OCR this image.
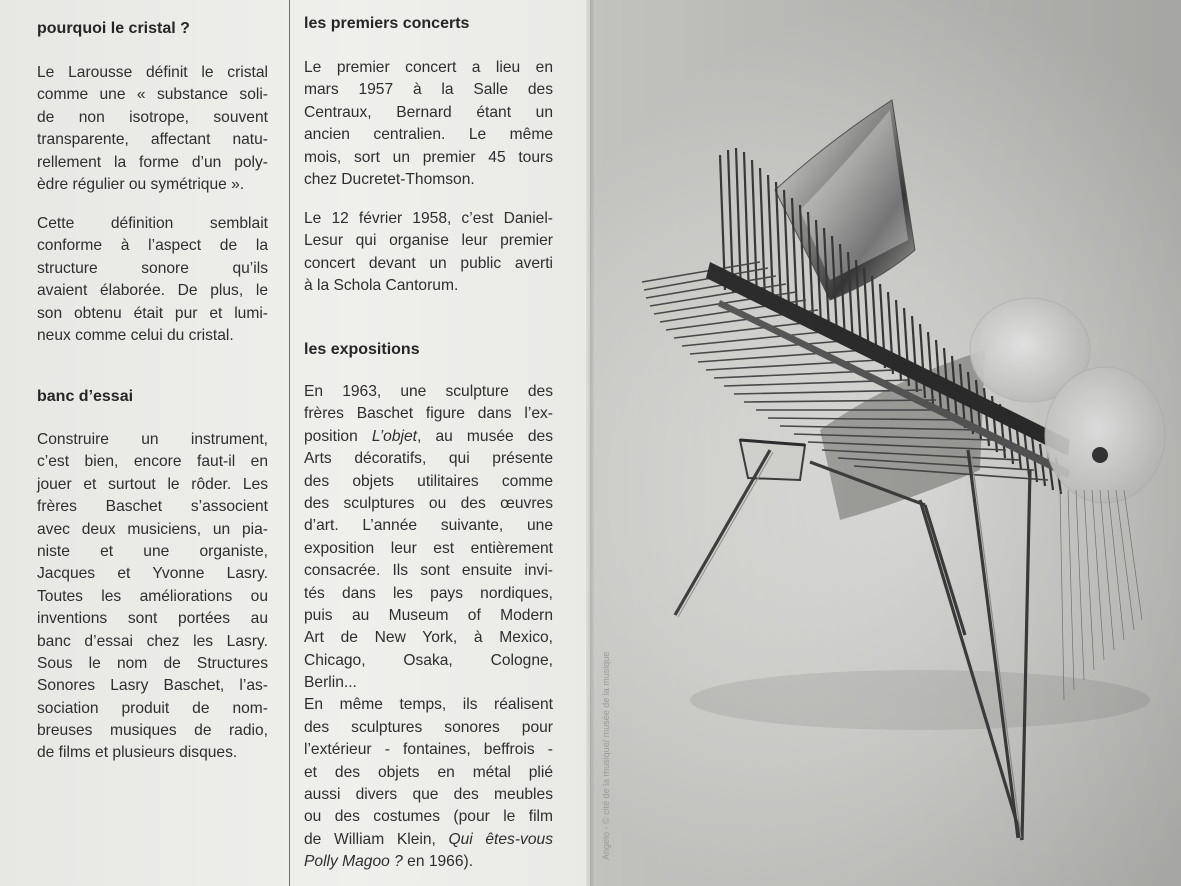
pourquoi le cristal ?
Le Larousse définit le cristal
comme une « substance soli-
de non isotrope, souvent
transparente, affectant natu-
rellement la forme d’un poly-
èdre régulier ou symétrique ».
Cette définition semblait
conforme à l’aspect de la
structure sonore qu’ils
avaient élaborée. De plus, le
son obtenu était pur et lumi-
neux comme celui du cristal.
banc d’essai
Construire un instrument,
c’est bien, encore faut-il en
jouer et surtout le rôder. Les
frères Baschet s’associent
avec deux musiciens, un pia-
niste et une organiste,
Jacques et Yvonne Lasry.
Toutes les améliorations ou
inventions sont portées au
banc d’essai chez les Lasry.
Sous le nom de Structures
Sonores Lasry Baschet, l’as-
sociation produit de nom-
breuses musiques de radio,
de films et plusieurs disques.
les premiers concerts
Le premier concert a lieu en
mars 1957 à la Salle des
Centraux, Bernard étant un
ancien centralien. Le même
mois, sort un premier 45 tours
chez Ducretet-Thomson.
Le 12 février 1958, c’est Daniel-
Lesur qui organise leur premier
concert devant un public averti
à la Schola Cantorum.
les expositions
En 1963, une sculpture des
frères Baschet figure dans l’ex-
position L’objet, au musée des
Arts décoratifs, qui présente
des objets utilitaires comme
des sculptures ou des œuvres
d’art. L’année suivante, une
exposition leur est entièrement
consacrée. Ils sont ensuite invi-
tés dans les pays nordiques,
puis au Museum of Modern
Art de New York, à Mexico,
Chicago, Osaka, Cologne,
Berlin...
En même temps, ils réalisent
des sculptures sonores pour
l’extérieur - fontaines, beffrois -
et des objets en métal plié
aussi divers que des meubles
ou des costumes (pour le film
de William Klein, Qui êtes-vous
Polly Magoo ? en 1966).
Angelo - © cité de la musique/ musée de la musique
